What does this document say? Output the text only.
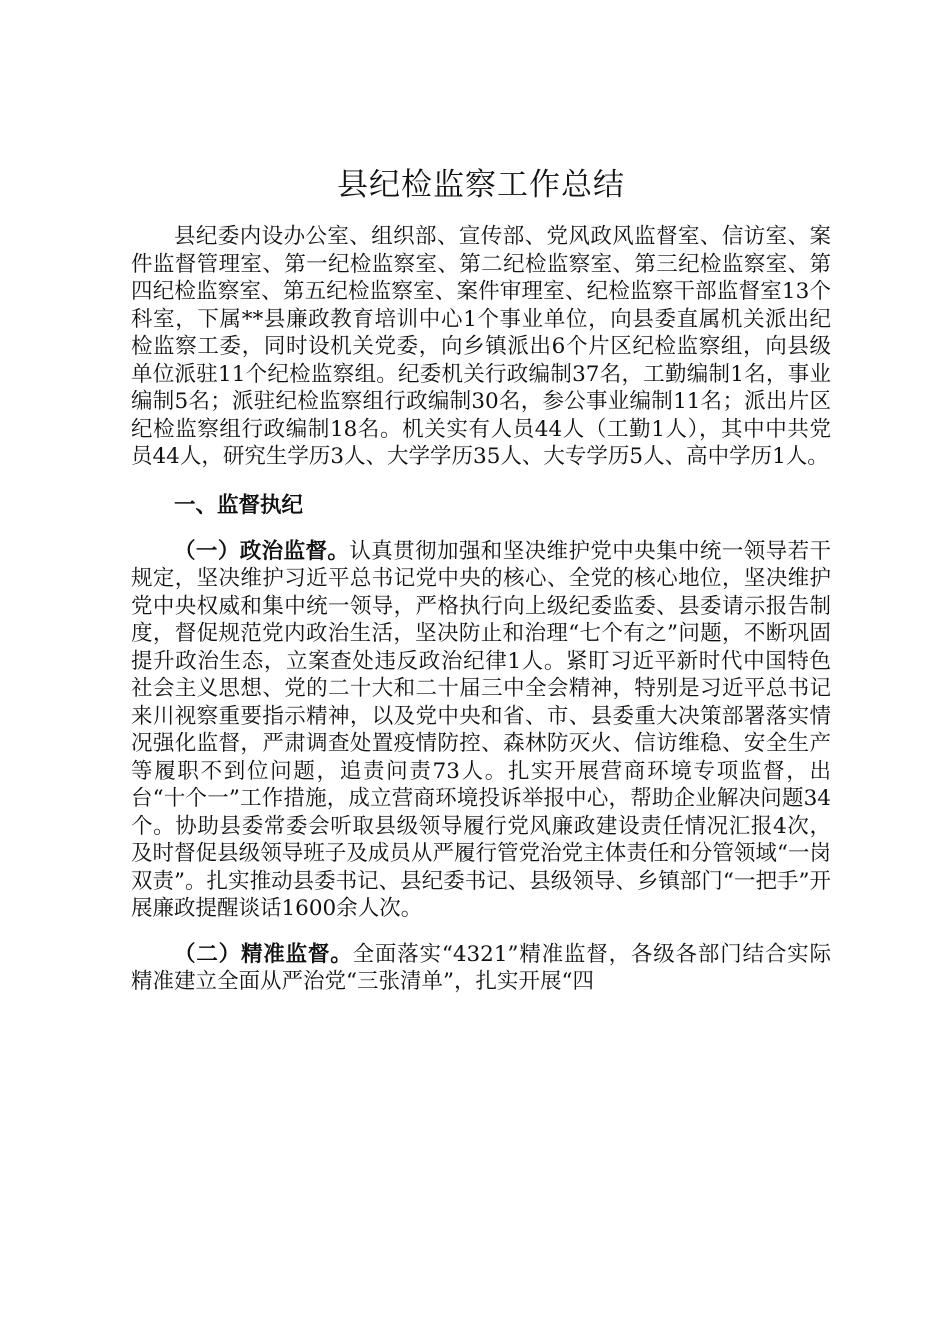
县纪检监察工作总结

县纪委内设办公室、组织部、宣传部、党风政风监督室、信访室、案件监督管理室、第一纪检监察室、第二纪检监察室、第三纪检监察室、第四纪检监察室、第五纪检监察室、案件审理室、纪检监察干部监督室13个科室，下属**县廉政教育培训中心1个事业单位，向县委直属机关派出纪检监察工委，同时设机关党委，向乡镇派出6个片区纪检监察组，向县级单位派驻11个纪检监察组。纪委机关行政编制37名，工勤编制1名，事业编制5名；派驻纪检监察组行政编制30名，参公事业编制11名；派出片区纪检监察组行政编制18名。机关实有人员44人（工勤1人），其中中共党员44人，研究生学历3人、大学学历35人、大专学历5人、高中学历1人。

一、监督执纪

（一）政治监督。认真贯彻加强和坚决维护党中央集中统一领导若干规定，坚决维护习近平总书记党中央的核心、全党的核心地位，坚决维护党中央权威和集中统一领导，严格执行向上级纪委监委、县委请示报告制度，督促规范党内政治生活，坚决防止和治理“七个有之”问题，不断巩固提升政治生态，立案查处违反政治纪律1人。紧盯习近平新时代中国特色社会主义思想、党的二十大和二十届三中全会精神，特别是习近平总书记来川视察重要指示精神，以及党中央和省、市、县委重大决策部署落实情况强化监督，严肃调查处置疫情防控、森林防灭火、信访维稳、安全生产等履职不到位问题，追责问责73人。扎实开展营商环境专项监督，出台“十个一”工作措施，成立营商环境投诉举报中心，帮助企业解决问题34个。协助县委常委会听取县级领导履行党风廉政建设责任情况汇报4次，及时督促县级领导班子及成员从严履行管党治党主体责任和分管领域“一岗双责”。扎实推动县委书记、县纪委书记、县级领导、乡镇部门“一把手”开展廉政提醒谈话1600余人次。

（二）精准监督。全面落实“4321”精准监督，各级各部门结合实际精准建立全面从严治党“三张清单”，扎实开展“四
